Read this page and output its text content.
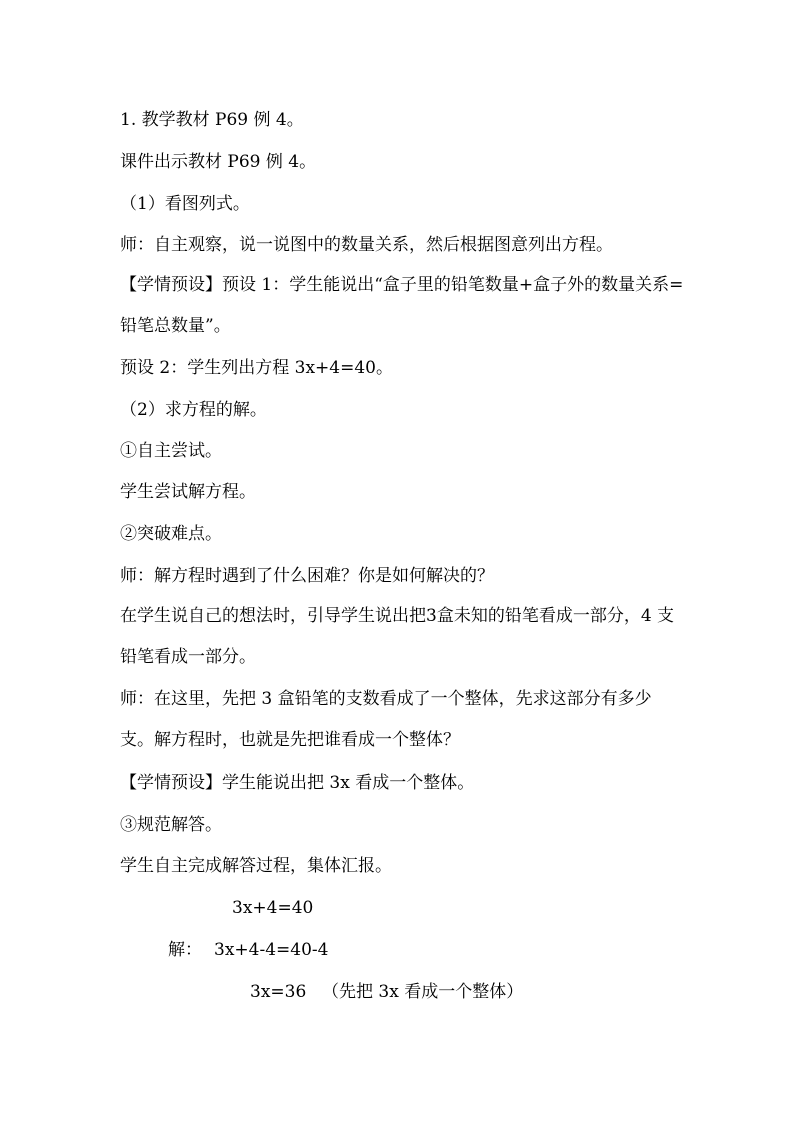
1. 教学教材 P69 例 4。
课件出示教材 P69 例 4。
（1）看图列式。
师：自主观察，说一说图中的数量关系，然后根据图意列出方程。
【学情预设】预设 1：学生能说出“盒子里的铅笔数量+盒子外的数量关系=铅笔总数量”。
预设 2：学生列出方程 3x+4=40。
（2）求方程的解。
①自主尝试。
学生尝试解方程。
②突破难点。
师：解方程时遇到了什么困难？你是如何解决的？
在学生说自己的想法时，引导学生说出把3盒未知的铅笔看成一部分，4 支铅笔看成一部分。
师：在这里，先把 3 盒铅笔的支数看成了一个整体，先求这部分有多少支。解方程时，也就是先把谁看成一个整体？
【学情预设】学生能说出把 3x 看成一个整体。
③规范解答。
学生自主完成解答过程，集体汇报。
3x+4=40
解： 3x+4-4=40-4
3x=36 （先把 3x 看成一个整体）
